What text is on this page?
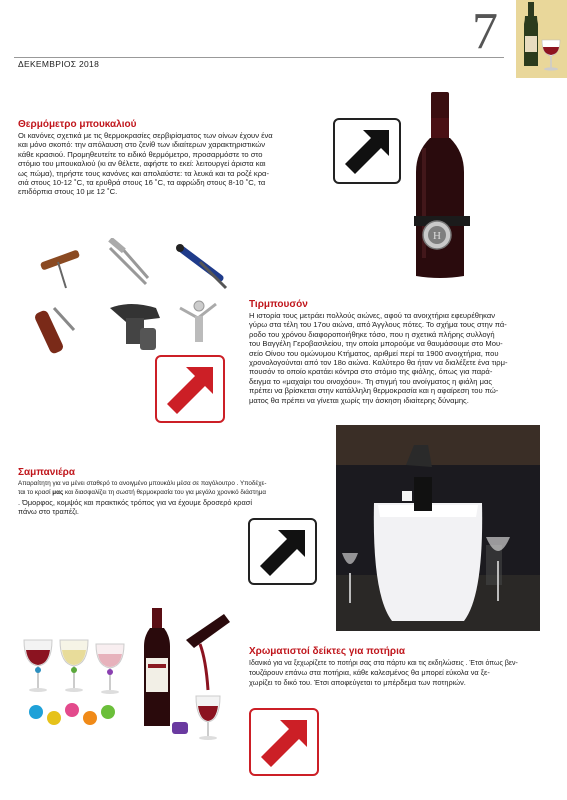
7
ΔΕΚΕΜΒΡΙΟΣ 2018
Θερμόμετρο μπουκαλιού

Οι κανόνες σχετικά με τις θερμοκρασίες σερβιρίσματος των οίνων έχουν ένα

και μόνο σκοπό: την απόλαυση στο ζενίθ των ιδιαίτερων χαρακτηριστικών

κάθε κρασιού. Προμηθευτείτε το ειδικό θερμόμετρο, προσαρμόστε το στο

στόμιο του μπουκαλιού (κι αν θέλετε, αφήστε το εκεί: λειτουργεί άριστα και

ως πώμα), τηρήστε τους κανόνες και απολαύστε: τα λευκά και τα ροζέ κρα-

σιά στους 10-12 ˚C, τα ερυθρά στους 16 ˚C, τα αφρώδη στους 8-10 ˚C, τα

επιδόρπια στους 10 με 12 ˚C.

H
Τιρμπουσόν

Η ιστορία τους μετράει πολλούς αιώνες, αφού τα ανοιχτήρια εφευρέθηκαν

γύρω στα τέλη του 17ου αιώνα, από Άγγλους πότες. Το σχήμα τους στην πά-

ροδο του χρόνου διαφοροποιήθηκε τόσο, που η σχετικά πλήρης συλλογή

του Βαγγέλη Γεροβασιλείου, την οποία μπορούμε να θαυμάσουμε στο Μου-

σείο Οίνου του ομώνυμου Κτήματος, αριθμεί περί τα 1900 ανοιχτήρια, που

χρονολογούνται από τον 18ο αιώνα. Καλύτερο θα ήταν να διαλέξετε ένα τιρμ-

πουσόν το οποίο κρατάει κόντρα στο στόμιο της φιάλης, όπως για παρά-

δειγμα το «μαχαίρι του οινοχόου». Τη στιγμή του ανοίγματος η φιάλη μας

πρέπει να βρίσκεται στην κατάλληλη θερμοκρασία και η αφαίρεση του πώ-

ματος θα πρέπει να γίνεται χωρίς την άσκηση ιδιαίτερης δύναμης.

Σαμπανιέρα

Απαραίτητη για να μένει σταθερό το ανοιγμένο μπουκάλι μέσα σε παγόλουτρο . Υποδέχε-

ται το κρασί μας και διασφαλίζει τη σωστή θερμοκρασία του για μεγάλο χρονικό διάστημα

. Όμορφος, κομψός και πρακτικός τρόπος για να έχουμε δροσερό κρασί

πάνω στο τραπέζι.

Χρωματιστοί δείκτες για ποτήρια

Ιδανικό για να ξεχωρίζετε το ποτήρι σας στα πάρτυ και τις εκδηλώσεις . Έτσι όπως βεν-

τουζάρουν επάνω στα ποτήρια, κάθε καλεσμένος θα μπορεί εύκολα να ξε-

χωρίζει το δικό του. Έτσι αποφεύγεται το μπέρδεμα των ποτηριών.
